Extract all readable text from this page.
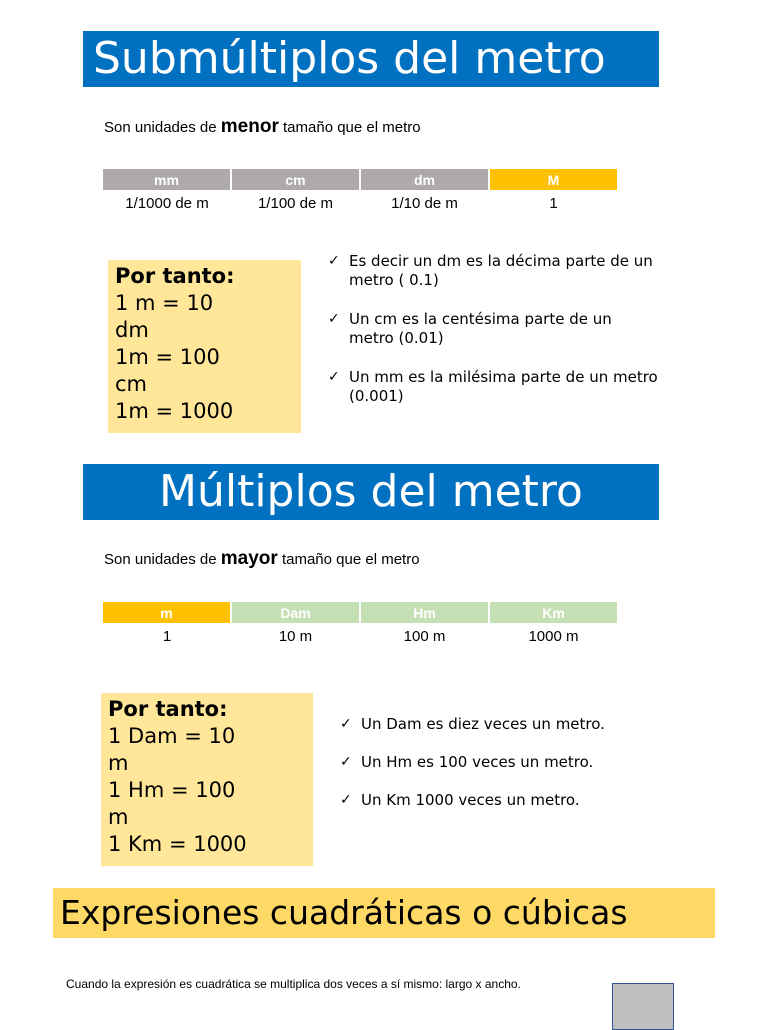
Submúltiplos del metro
Son unidades de menor tamaño que el metro
mm	cm	dm	M
1/1000 de m	1/100 de m	1/10 de m	1
Por tanto:
1 m = 10
dm
1m = 100
cm
1m = 1000
✓ Es decir un dm es la décima parte de un metro ( 0.1)
✓ Un cm es la centésima parte de un metro (0.01)
✓ Un mm es la milésima parte de un metro (0.001)
Múltiplos del metro
Son unidades de mayor tamaño que el metro
m	Dam	Hm	Km
1	10 m	100 m	1000 m
Por tanto:
1 Dam = 10
m
1 Hm = 100
m
1 Km = 1000
✓ Un Dam es diez veces un metro.
✓ Un Hm es 100 veces un metro.
✓ Un Km 1000 veces un metro.
Expresiones cuadráticas o cúbicas
Cuando la expresión es cuadrática se multiplica dos veces a sí mismo: largo x ancho.
